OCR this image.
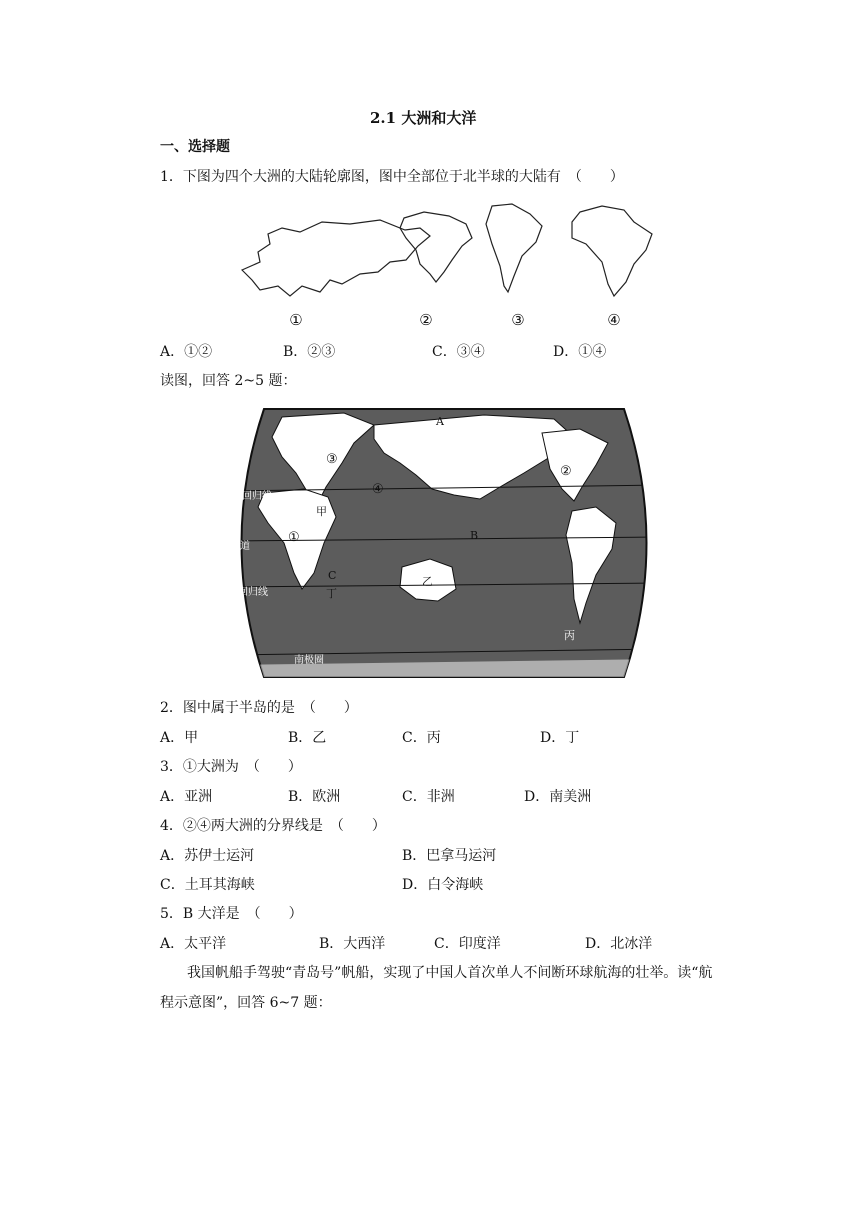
2.1 大洲和大洋
一、选择题
1．下图为四个大洲的大陆轮廓图，图中全部位于北半球的大陆有　（　　）
①	②	③	④
A．①②	B．②③	C．③④	D．①④
读图，回答 2~5 题：
北回归线
赤道
南回归线
南极圈
①
②
③
④
A
B
C
甲
乙
丙
丁
2．图中属于半岛的是　（　　）
A．甲	B．乙	C．丙	D．丁
3．①大洲为　（　　）
A．亚洲	B．欧洲	C．非洲	D．南美洲
4．②④两大洲的分界线是　（　　）
A．苏伊士运河	B．巴拿马运河
C．土耳其海峡	D．白令海峡
5．B 大洋是　（　　）
A．太平洋	B．大西洋	C．印度洋	D．北冰洋
我国帆船手驾驶“青岛号”帆船，实现了中国人首次单人不间断环球航海的壮举。读“航
程示意图”，回答 6~7 题：
